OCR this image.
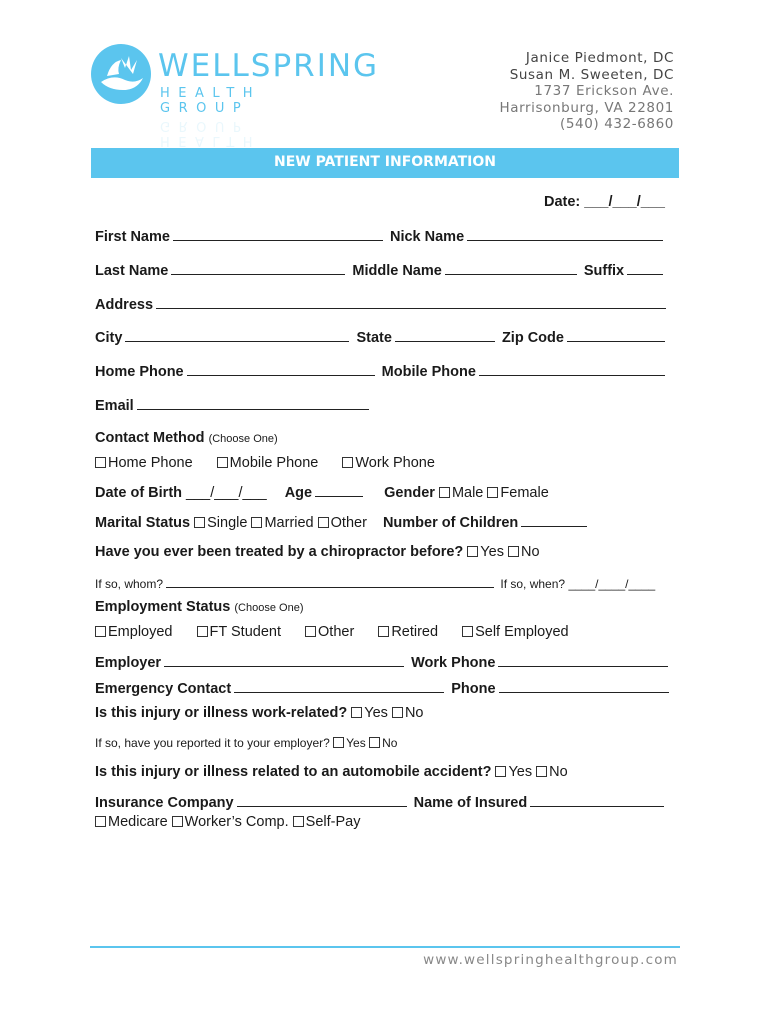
WELLSPRING
HEALTH GROUP
HEALTH GROUP
Janice Piedmont, DC
Susan M. Sweeten, DC
1737 Erickson Ave.
Harrisonburg, VA 22801
(540) 432-6860
NEW PATIENT INFORMATION
Date: ___/___/___
First Name	Nick Name
Last Name	Middle Name	Suffix
Address
City	State	Zip Code
Home Phone	Mobile Phone
Email
Contact Method (Choose One)
Home Phone	Mobile Phone	Work Phone
Date of Birth ___/___/___ Age	Gender Male Female
Marital Status Single Married Other Number of Children
Have you ever been treated by a chiropractor before? Yes No
If so, whom?	If so, when? ____/____/____
Employment Status (Choose One)
Employed	FT Student	Other	Retired	Self Employed
Employer	Work Phone
Emergency Contact	Phone
Is this injury or illness work-related? Yes No
If so, have you reported it to your employer? Yes No
Is this injury or illness related to an automobile accident? Yes No
Insurance Company	Name of Insured
Medicare Worker’s Comp. Self-Pay
www.wellspringhealthgroup.com
